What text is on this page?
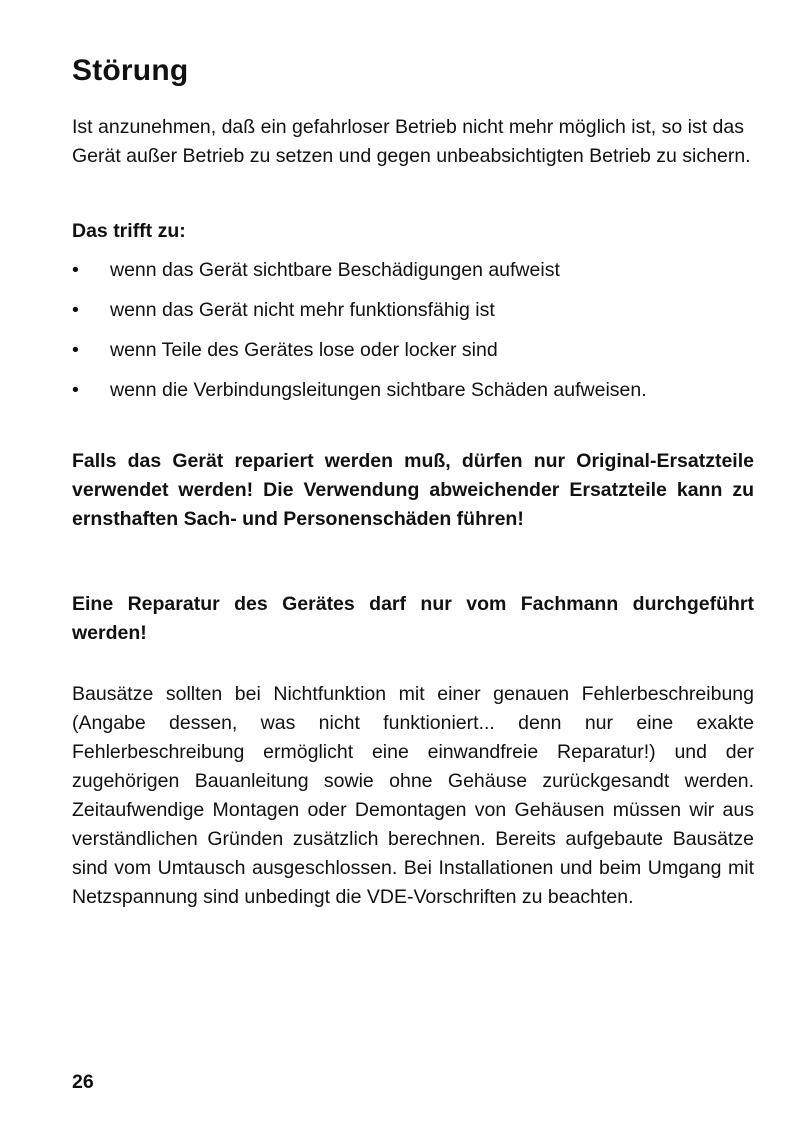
Störung

Ist anzunehmen, daß ein gefahrloser Betrieb nicht mehr möglich ist, so ist das Gerät außer Betrieb zu setzen und gegen unbeabsichtigten Betrieb zu sichern.

Das trifft zu:
• wenn das Gerät sichtbare Beschädigungen aufweist
• wenn das Gerät nicht mehr funktionsfähig ist
• wenn Teile des Gerätes lose oder locker sind
• wenn die Verbindungsleitungen sichtbare Schäden aufweisen.

Falls das Gerät repariert werden muß, dürfen nur Original-Ersatzteile verwendet werden! Die Verwendung abweichender Ersatzteile kann zu ernsthaften Sach- und Personenschäden führen!

Eine Reparatur des Gerätes darf nur vom Fachmann durchgeführt werden!

Bausätze sollten bei Nichtfunktion mit einer genauen Fehlerbeschreibung (Angabe dessen, was nicht funktioniert... denn nur eine exakte Fehlerbeschreibung ermöglicht eine einwandfreie Reparatur!) und der zugehörigen Bauanleitung sowie ohne Gehäuse zurückgesandt werden. Zeitaufwendige Montagen oder Demontagen von Gehäusen müssen wir aus verständlichen Gründen zusätzlich berechnen. Bereits aufgebaute Bausätze sind vom Umtausch ausgeschlossen. Bei Installationen und beim Umgang mit Netzspannung sind unbedingt die VDE-Vorschriften zu beachten.

26
